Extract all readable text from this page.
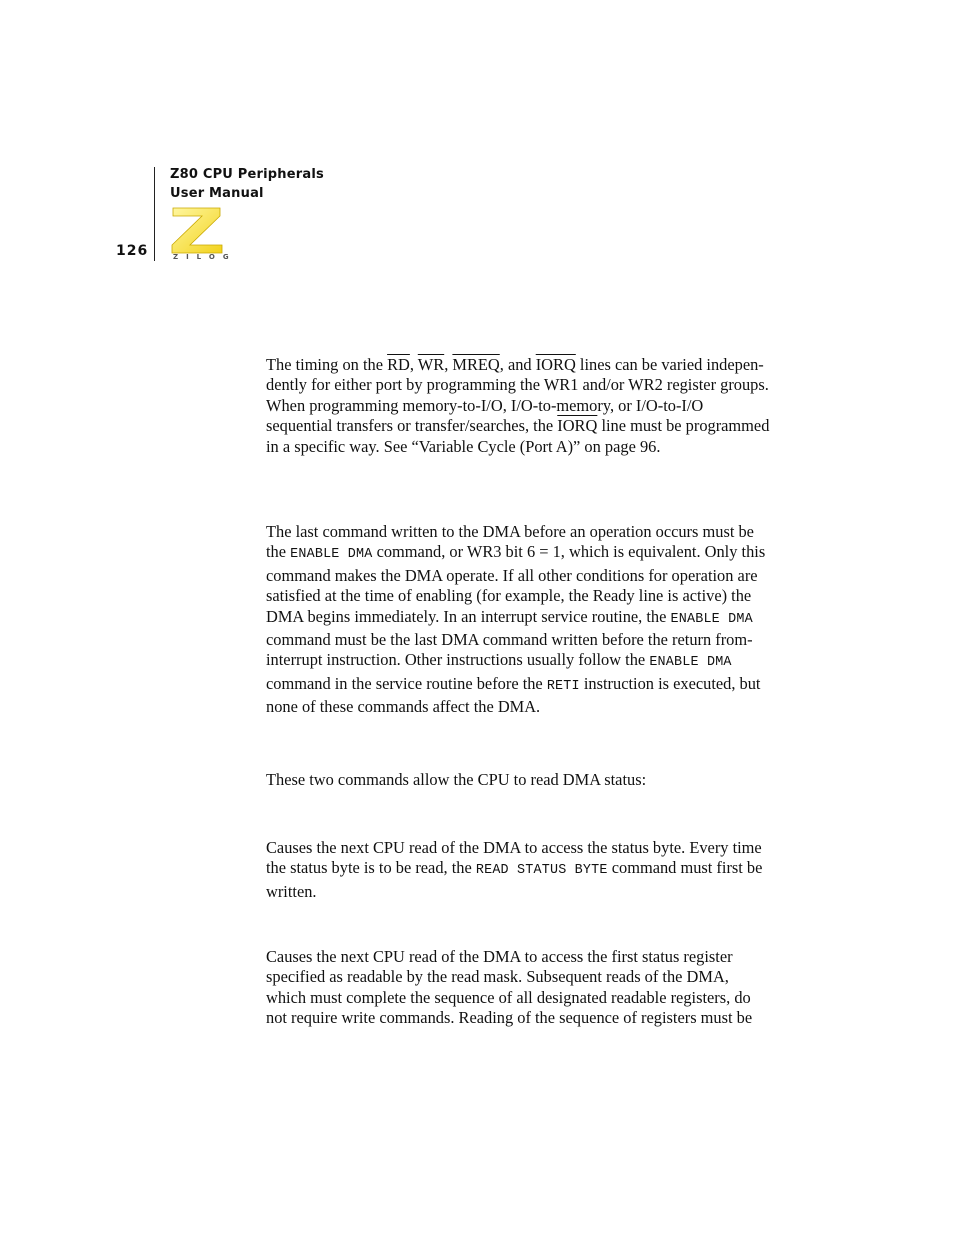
Z80 CPU Peripherals
User Manual
126	ZILOG

The timing on the $\overline{RD}$, $\overline{WR}$, MREQ, and IORQ lines can be varied indepen-dently for either port by programming the WR1 and/or WR2 register groups. When programming memory-to-I/O, I/O-to-memory, or I/O-to-I/O sequential transfers or transfer/searches, the IORQ line must be programmed in a specific way. See “Variable Cycle (Port A)” on page 96.

The last command written to the DMA before an operation occurs must be the ENABLE DMA command, or WR3 bit 6 = 1, which is equivalent. Only this command makes the DMA operate. If all other conditions for operation are satisfied at the time of enabling (for example, the Ready line is active) the DMA begins immediately. In an interrupt service routine, the ENABLE DMA command must be the last DMA command written before the return from-interrupt instruction. Other instructions usually follow the ENABLE DMA command in the service routine before the RETI instruction is executed, but none of these commands affect the DMA.

These two commands allow the CPU to read DMA status:

Causes the next CPU read of the DMA to access the status byte. Every time the status byte is to be read, the READ STATUS BYTE command must first be written.

Causes the next CPU read of the DMA to access the first status register specified as readable by the read mask. Subsequent reads of the DMA, which must complete the sequence of all designated readable registers, do not require write commands. Reading of the sequence of registers must be
